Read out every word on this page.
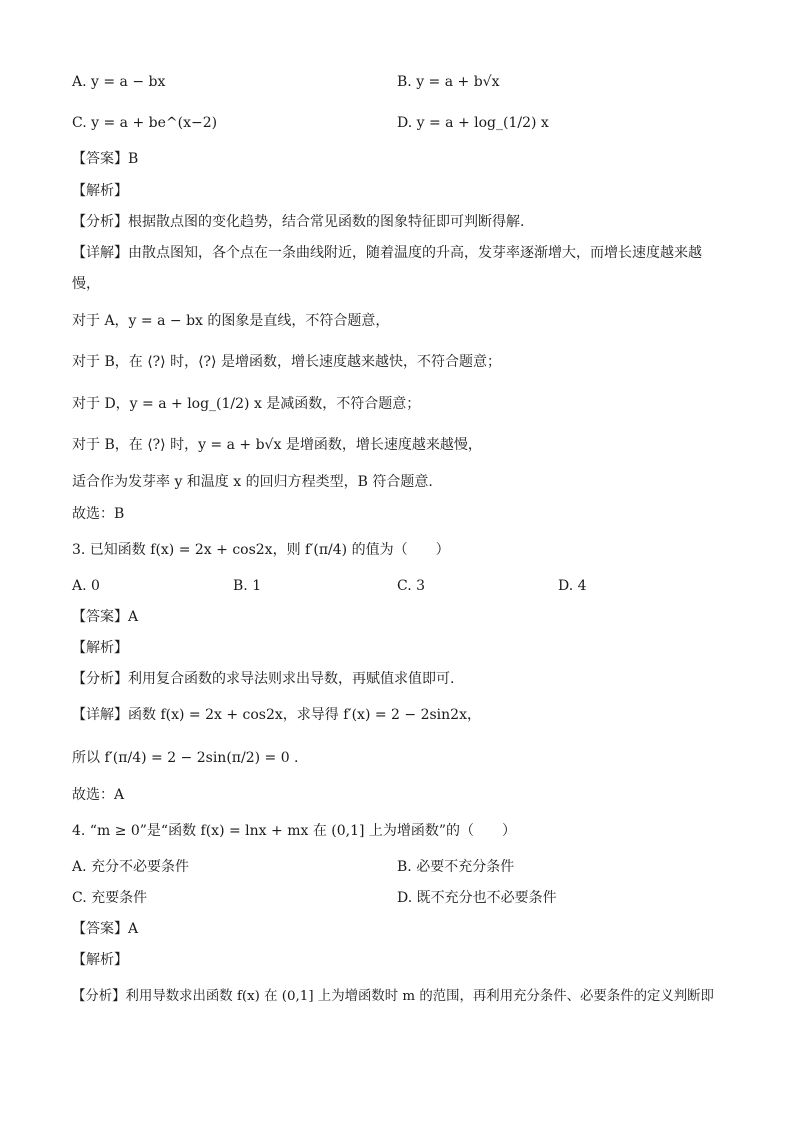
A. y = a − bx	B. y = a + b√x
C. y = a + be^(x−2)	D. y = a + log_(1/2) x
【答案】B
【解析】
【分析】根据散点图的变化趋势，结合常见函数的图象特征即可判断得解.
【详解】由散点图知，各个点在一条曲线附近，随着温度的升高，发芽率逐渐增大，而增长速度越来越
慢，
对于 A，y = a − bx 的图象是直线，不符合题意，
对于 B，在 ⟨?⟩ 时，⟨?⟩ 是增函数，增长速度越来越快，不符合题意；
对于 D，y = a + log_(1/2) x 是减函数，不符合题意；
对于 B，在 ⟨?⟩ 时，y = a + b√x 是增函数，增长速度越来越慢，
适合作为发芽率 y 和温度 x 的回归方程类型，B 符合题意.
故选：B
3. 已知函数 f(x) = 2x + cos2x，则 f′(π/4) 的值为（　　）
A. 0	B. 1	C. 3	D. 4
【答案】A
【解析】
【分析】利用复合函数的求导法则求出导数，再赋值求值即可.
【详解】函数 f(x) = 2x + cos2x，求导得 f′(x) = 2 − 2sin2x，
所以 f′(π/4) = 2 − 2sin(π/2) = 0 .
故选：A
4. “m ≥ 0”是“函数 f(x) = lnx + mx 在 (0,1] 上为增函数”的（　　）
A. 充分不必要条件	B. 必要不充分条件
C. 充要条件	D. 既不充分也不必要条件
【答案】A
【解析】
【分析】利用导数求出函数 f(x) 在 (0,1] 上为增函数时 m 的范围，再利用充分条件、必要条件的定义判断即
